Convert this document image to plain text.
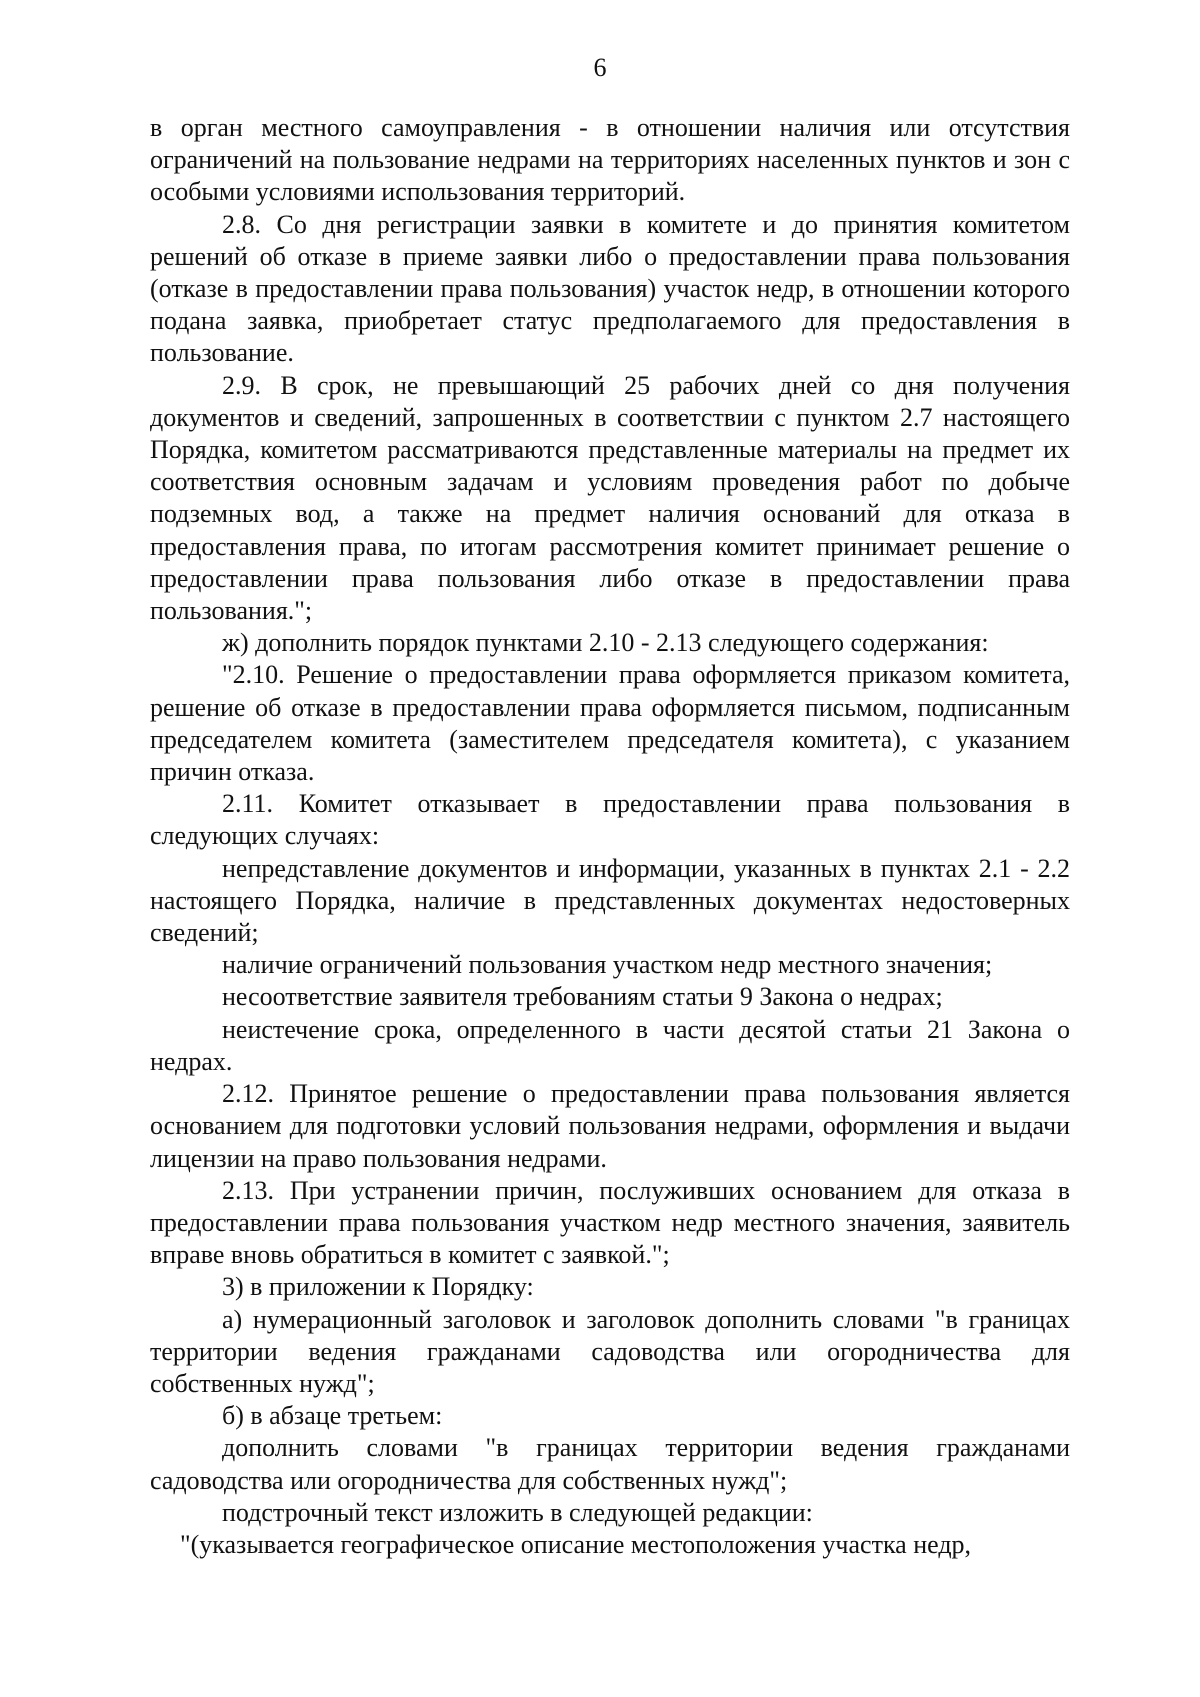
6

в орган местного самоуправления - в отношении наличия или отсутствия ограничений на пользование недрами на территориях населенных пунктов и зон с особыми условиями использования территорий.

2.8. Со дня регистрации заявки в комитете и до принятия комитетом решений об отказе в приеме заявки либо о предоставлении права пользования (отказе в предоставлении права пользования) участок недр, в отношении которого подана заявка, приобретает статус предполагаемого для предоставления в пользование.

2.9. В срок, не превышающий 25 рабочих дней со дня получения документов и сведений, запрошенных в соответствии с пунктом 2.7 настоящего Порядка, комитетом рассматриваются представленные материалы на предмет их соответствия основным задачам и условиям проведения работ по добыче подземных вод, а также на предмет наличия оснований для отказа в предоставления права, по итогам рассмотрения комитет принимает решение о предоставлении права пользования либо отказе в предоставлении права пользования.";

ж) дополнить порядок пунктами 2.10 - 2.13 следующего содержания:

"2.10. Решение о предоставлении права оформляется приказом комитета, решение об отказе в предоставлении права оформляется письмом, подписанным председателем комитета (заместителем председателя комитета), с указанием причин отказа.

2.11. Комитет отказывает в предоставлении права пользования в следующих случаях:

непредставление документов и информации, указанных в пунктах 2.1 - 2.2 настоящего Порядка, наличие в представленных документах недостоверных сведений;

наличие ограничений пользования участком недр местного значения;

несоответствие заявителя требованиям статьи 9 Закона о недрах;

неистечение срока, определенного в части десятой статьи 21 Закона о недрах.

2.12. Принятое решение о предоставлении права пользования является основанием для подготовки условий пользования недрами, оформления и выдачи лицензии на право пользования недрами.

2.13. При устранении причин, послуживших основанием для отказа в предоставлении права пользования участком недр местного значения, заявитель вправе вновь обратиться в комитет с заявкой.";

3) в приложении к Порядку:

а) нумерационный заголовок и заголовок дополнить словами "в границах территории ведения гражданами садоводства или огородничества для собственных нужд";

б) в абзаце третьем:

дополнить словами "в границах территории ведения гражданами садоводства или огородничества для собственных нужд";

подстрочный текст изложить в следующей редакции:

"(указывается географическое описание местоположения участка недр,
